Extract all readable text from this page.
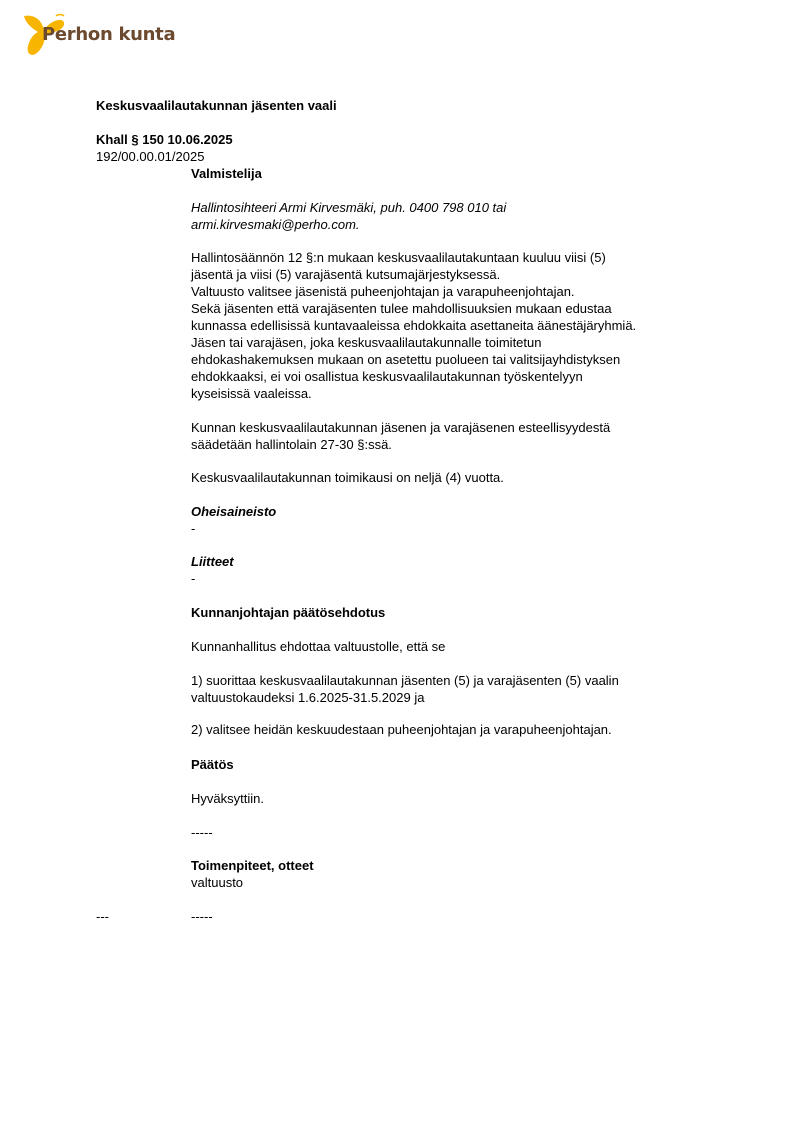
Perhon kunta
Keskusvaalilautakunnan jäsenten vaali
Khall § 150 10.06.2025
192/00.00.01/2025
Valmistelija
Hallintosihteeri Armi Kirvesmäki, puh. 0400 798 010 tai
armi.kirvesmaki@perho.com.
Hallintosäännön 12 §:n mukaan keskusvaalilautakuntaan kuuluu viisi (5)
jäsentä ja viisi (5) varajäsentä kutsumajärjestyksessä.
Valtuusto valitsee jäsenistä puheenjohtajan ja varapuheenjohtajan.
Sekä jäsenten että varajäsenten tulee mahdollisuuksien mukaan edustaa
kunnassa edellisissä kuntavaaleissa ehdokkaita asettaneita äänestäjäryhmiä.
Jäsen tai varajäsen, joka keskusvaalilautakunnalle toimitetun
ehdokashakemuksen mukaan on asetettu puolueen tai valitsijayhdistyksen
ehdokkaaksi, ei voi osallistua keskusvaalilautakunnan työskentelyyn
kyseisissä vaaleissa.
Kunnan keskusvaalilautakunnan jäsenen ja varajäsenen esteellisyydestä
säädetään hallintolain 27-30 §:ssä.
Keskusvaalilautakunnan toimikausi on neljä (4) vuotta.
Oheisaineisto
-
Liitteet
-
Kunnanjohtajan päätösehdotus
Kunnanhallitus ehdottaa valtuustolle, että se
1) suorittaa keskusvaalilautakunnan jäsenten (5) ja varajäsenten (5) vaalin
valtuustokaudeksi 1.6.2025-31.5.2029 ja
2) valitsee heidän keskuudestaan puheenjohtajan ja varapuheenjohtajan.
Päätös
Hyväksyttiin.
-----
Toimenpiteet, otteet
valtuusto
---	-----
